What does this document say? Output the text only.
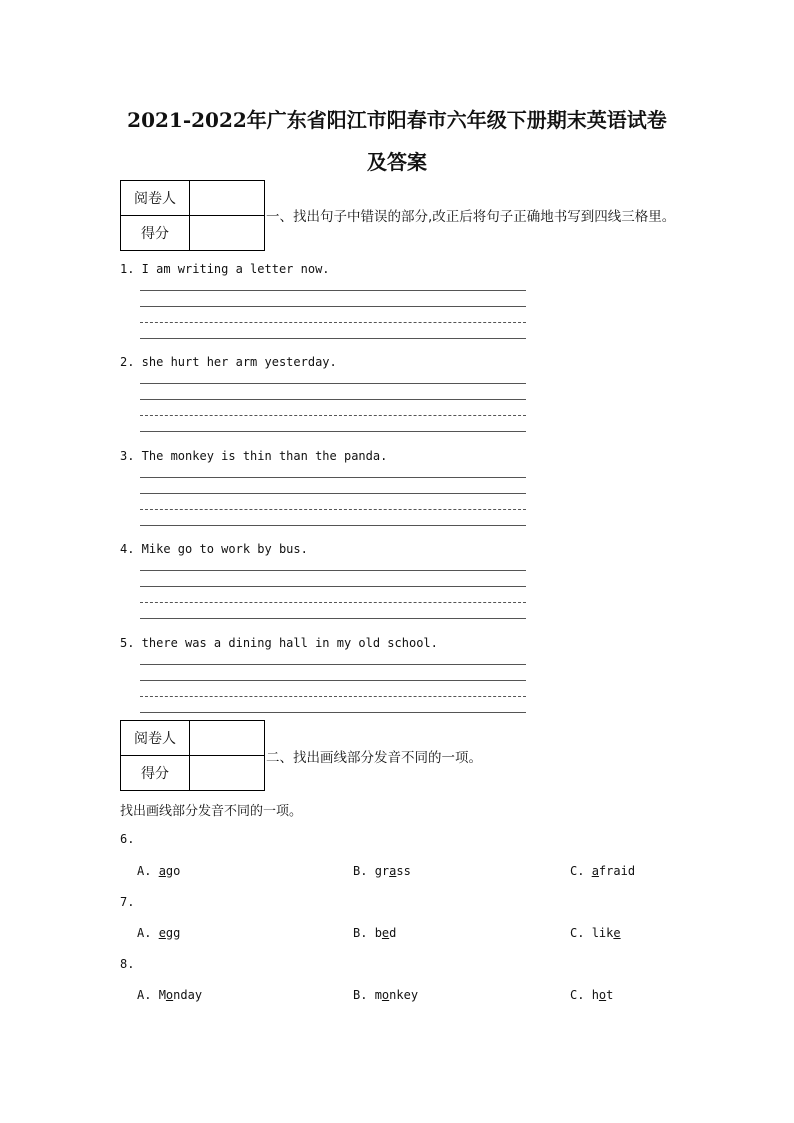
2021-2022年广东省阳江市阳春市六年级下册期末英语试卷
及答案
阅卷人	
得分	
一、找出句子中错误的部分,改正后将句子正确地书写到四线三格里。
1. I am writing a letter now.
2. she hurt her arm yesterday.
3. The monkey is thin than the panda.
4. Mike go to work by bus.
5. there was a dining hall in my old school.
阅卷人	
得分	
二、找出画线部分发音不同的一项。
找出画线部分发音不同的一项。
6.
A. ago	B. grass	C. afraid
7.
A. egg	B. bed	C. like
8.
A. Monday	B. monkey	C. hot
